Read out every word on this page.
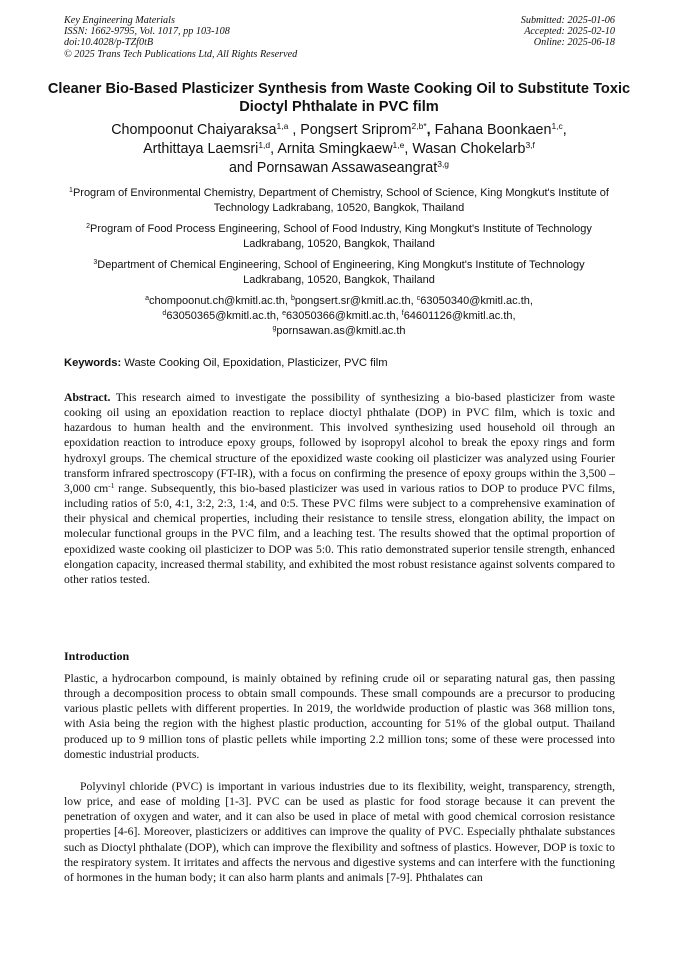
Key Engineering Materials
ISSN: 1662-9795, Vol. 1017, pp 103-108
doi:10.4028/p-TZf0tB
© 2025 Trans Tech Publications Ltd, All Rights Reserved
Submitted: 2025-01-06
Accepted: 2025-02-10
Online: 2025-06-18
Cleaner Bio-Based Plasticizer Synthesis from Waste Cooking Oil to Substitute Toxic Dioctyl Phthalate in PVC film
Chompoonut Chaiyaraksa$^{1,a}$ , Pongsert Sriprom$^{2,b*}$, Fahana Boonkaen$^{1,c}$,
Arthittaya Laemsri$^{1,d}$, Arnita Smingkaew$^{1,e}$, Wasan Chokelarb$^{3,f}$
and Pornsawan Assawaseangrat$^{3,g}$
$^1$Program of Environmental Chemistry, Department of Chemistry, School of Science, King Mongkut's Institute of Technology Ladkrabang, 10520, Bangkok, Thailand
$^2$Program of Food Process Engineering, School of Food Industry, King Mongkut's Institute of Technology Ladkrabang, 10520, Bangkok, Thailand
$^3$Department of Chemical Engineering, School of Engineering, King Mongkut's Institute of Technology Ladkrabang, 10520, Bangkok, Thailand
$^a$chompoonut.ch@kmitl.ac.th, $^b$pongsert.sr@kmitl.ac.th, $^c$63050340@kmitl.ac.th,
$^d$63050365@kmitl.ac.th, $^e$63050366@kmitl.ac.th, $^f$64601126@kmitl.ac.th,
$^g$pornsawan.as@kmitl.ac.th
Keywords: Waste Cooking Oil, Epoxidation, Plasticizer, PVC film

Abstract. This research aimed to investigate the possibility of synthesizing a bio-based plasticizer from waste cooking oil using an epoxidation reaction to replace dioctyl phthalate (DOP) in PVC film, which is toxic and hazardous to human health and the environment. This involved synthesizing used household oil through an epoxidation reaction to introduce epoxy groups, followed by isopropyl alcohol to break the epoxy rings and form hydroxyl groups. The chemical structure of the epoxidized waste cooking oil plasticizer was analyzed using Fourier transform infrared spectroscopy (FT-IR), with a focus on confirming the presence of epoxy groups within the 3,500 – 3,000 $cm^{-1}$ range. Subsequently, this bio-based plasticizer was used in various ratios to DOP to produce PVC films, including ratios of 5:0, 4:1, 3:2, 2:3, 1:4, and 0:5. These PVC films were subject to a comprehensive examination of their physical and chemical properties, including their resistance to tensile stress, elongation ability, the impact on molecular functional groups in the PVC film, and a leaching test. The results showed that the optimal proportion of epoxidized waste cooking oil plasticizer to DOP was 5:0. This ratio demonstrated superior tensile strength, enhanced elongation capacity, increased thermal stability, and exhibited the most robust resistance against solvents compared to other ratios tested.

Introduction

Plastic, a hydrocarbon compound, is mainly obtained by refining crude oil or separating natural gas, then passing through a decomposition process to obtain small compounds. These small compounds are a precursor to producing various plastic pellets with different properties. In 2019, the worldwide production of plastic was 368 million tons, with Asia being the region with the highest plastic production, accounting for 51% of the global output. Thailand produced up to 9 million tons of plastic pellets while importing 2.2 million tons; some of these were processed into domestic industrial products.

Polyvinyl chloride (PVC) is important in various industries due to its flexibility, weight, transparency, strength, low price, and ease of molding [1-3]. PVC can be used as plastic for food storage because it can prevent the penetration of oxygen and water, and it can also be used in place of metal with good chemical corrosion resistance properties [4-6]. Moreover, plasticizers or additives can improve the quality of PVC. Especially phthalate substances such as Dioctyl phthalate (DOP), which can improve the flexibility and softness of plastics. However, DOP is toxic to the respiratory system. It irritates and affects the nervous and digestive systems and can interfere with the functioning of hormones in the human body; it can also harm plants and animals [7-9]. Phthalates can
